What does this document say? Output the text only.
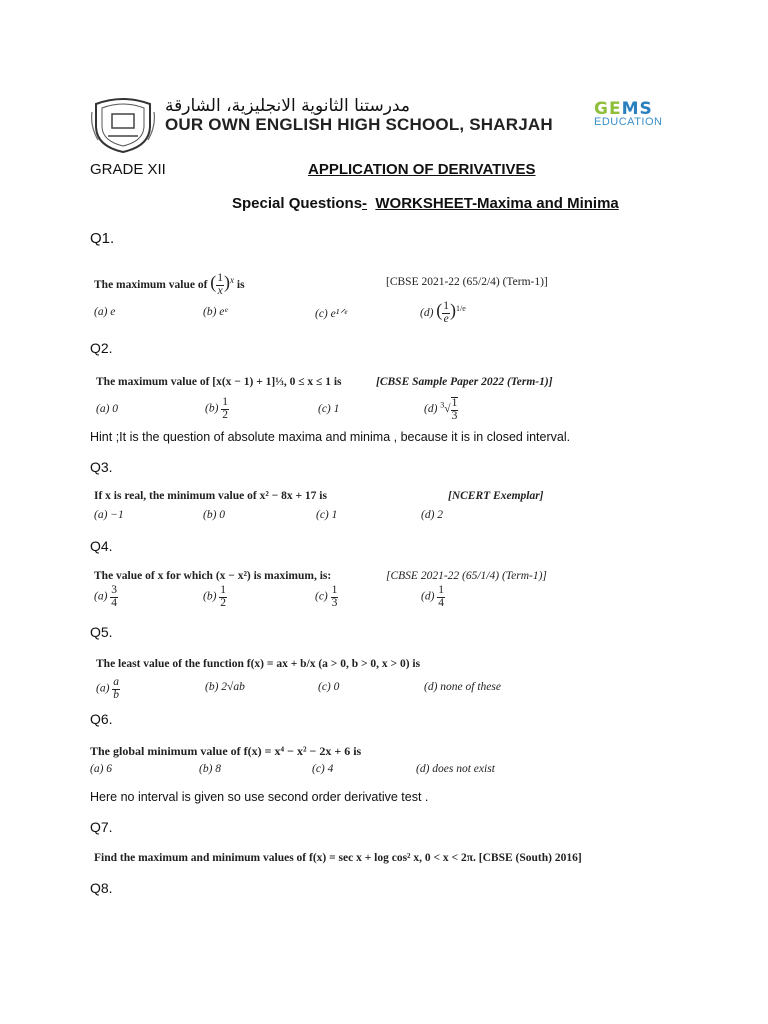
مدرستنا الثانوية الانجليزية، الشارقة
OUR OWN ENGLISH HIGH SCHOOL, SHARJAH
GEMS
EDUCATION
GRADE XII	APPLICATION OF DERIVATIVES
Special Questions- WORKSHEET-Maxima and Minima
Q1.
The maximum value of ( $\frac{1}{x} )^x$ is	[CBSE 2021-22 (65/2/4) (Term-1)]
(a) e	(b) eᵉ	(c) e¹ᐟᵉ	(d) ( $\frac{1}{e} )^{1/e}$
Q2.
The maximum value of [x(x − 1) + 1]⅓, 0 ≤ x ≤ 1 is	[CBSE Sample Paper 2022 (Term-1)]
(a) 0	$(b) \frac{1}{2}$	(c) 1	(d) $^3√ \frac{1}{3}$
Hint ;It is the question of absolute maxima and minima , because it is in closed interval.
Q3.
If x is real, the minimum value of x² − 8x + 17 is	[NCERT Exemplar]
(a) −1	(b) 0	(c) 1	(d) 2
Q4.
The value of x for which (x − x²) is maximum, is:	[CBSE 2021-22 (65/1/4) (Term-1)]
$(a) \frac{3}{4}$	$(b) \frac{1}{2}$	$(c) \frac{1}{3}$	$(d) \frac{1}{4}$
Q5.
The least value of the function f(x) = ax + b/x (a > 0, b > 0, x > 0) is
$(a) \frac{a}{b}$	(b) 2√ab	(c) 0	(d) none of these
Q6.
The global minimum value of f(x) = x⁴ − x² − 2x + 6 is
(a) 6	(b) 8	(c) 4	(d) does not exist
Here no interval is given so use second order derivative test .
Q7.
Find the maximum and minimum values of f(x) = sec x + log cos² x, 0 < x < 2π. [CBSE (South) 2016]
Q8.
